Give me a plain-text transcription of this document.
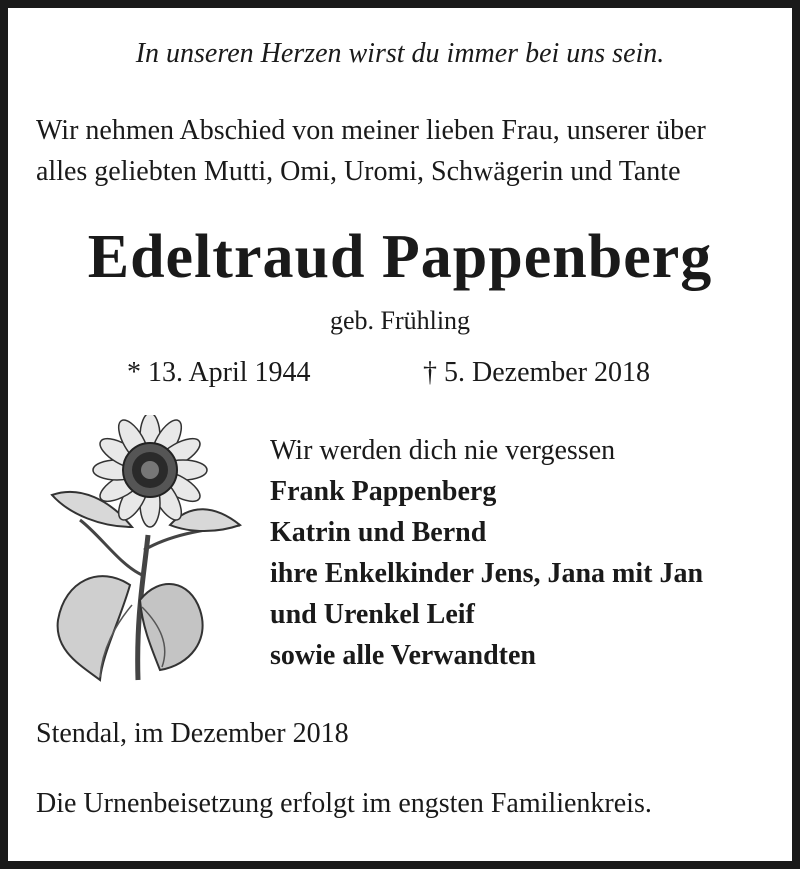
In unseren Herzen wirst du immer bei uns sein.
Wir nehmen Abschied von meiner lieben Frau, unserer über
alles geliebten Mutti, Omi, Uromi, Schwägerin und Tante
Edeltraud Pappenberg
geb. Frühling
* 13. April 1944	† 5. Dezember 2018
Wir werden dich nie vergessen
Frank Pappenberg
Katrin und Bernd
ihre Enkelkinder Jens, Jana mit Jan
und Urenkel Leif
sowie alle Verwandten
Stendal, im Dezember 2018
Die Urnenbeisetzung erfolgt im engsten Familienkreis.
